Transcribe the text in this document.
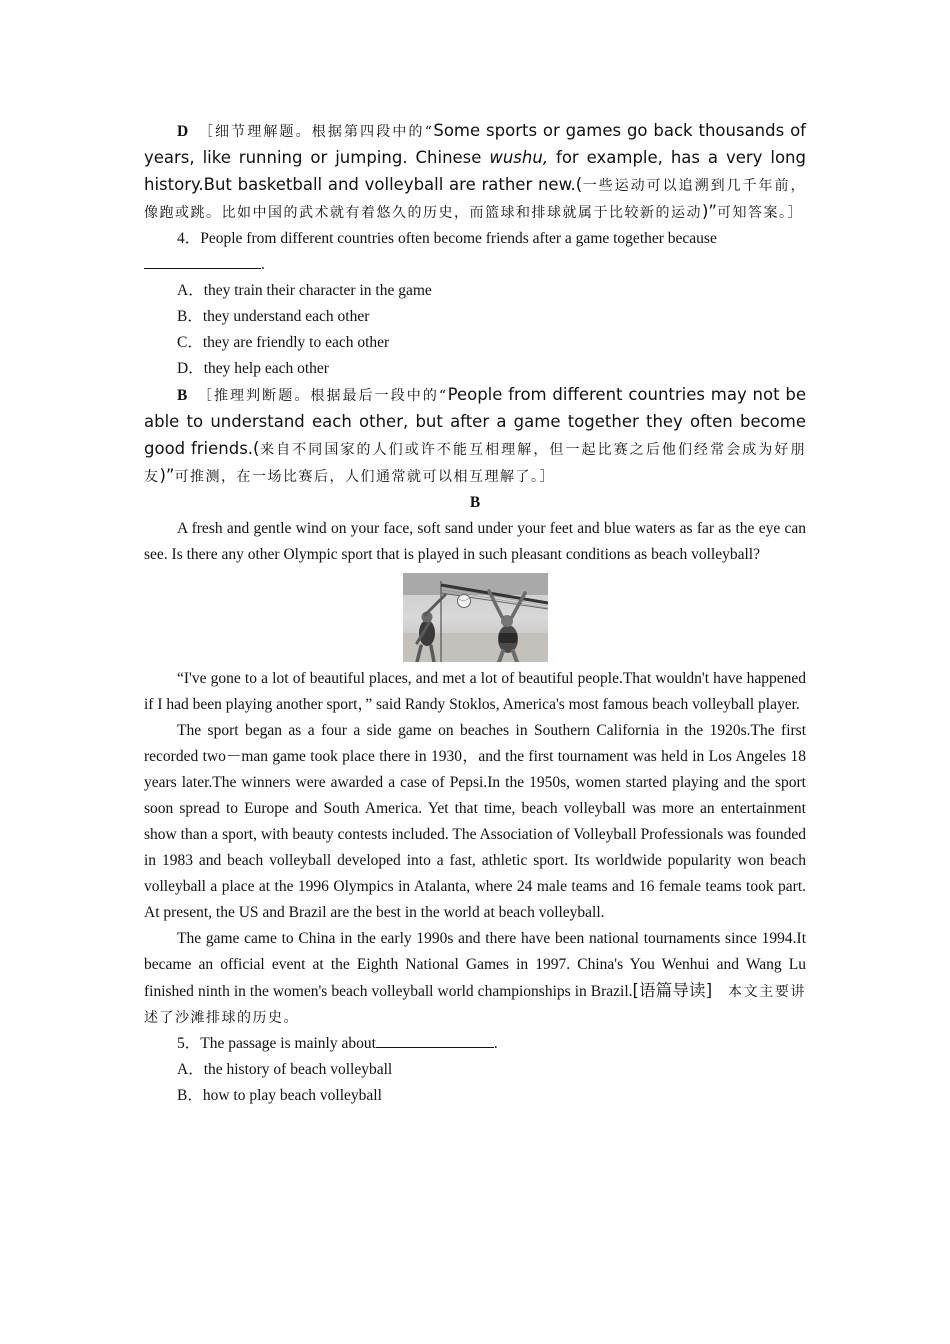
D ［细节理解题。根据第四段中的“Some sports or games go back thousands of years, like running or jumping. Chinese wushu, for example, has a very long history.But basketball and volleyball are rather new.(一些运动可以追溯到几千年前，像跑或跳。比如中国的武术就有着悠久的历史，而篮球和排球就属于比较新的运动)”可知答案。］

4．People from different countries often become friends after a game together because
.

A．they train their character in the game

B．they understand each other

C．they are friendly to each other

D．they help each other

B ［推理判断题。根据最后一段中的“People from different countries may not be able to understand each other, but after a game together they often become good friends.(来自不同国家的人们或许不能互相理解，但一起比赛之后他们经常会成为好朋友)”可推测，在一场比赛后，人们通常就可以相互理解了。］

B

A fresh and gentle wind on your face, soft sand under your feet and blue waters as far as the eye can see. Is there any other Olympic sport that is played in such pleasant conditions as beach volleyball?

“I've gone to a lot of beautiful places, and met a lot of beautiful people.That wouldn't have happened if I had been playing another sport，” said Randy Stoklos, America's most famous beach volleyball player.

The sport began as a four a side game on beaches in Southern California in the 1920s.The first recorded two－man game took place there in 1930，and the first tournament was held in Los Angeles 18 years later.The winners were awarded a case of Pepsi.In the 1950s, women started playing and the sport soon spread to Europe and South America. Yet that time, beach volleyball was more an entertainment show than a sport, with beauty contests included. The Association of Volleyball Professionals was founded in 1983 and beach volleyball developed into a fast, athletic sport. Its worldwide popularity won beach volleyball a place at the 1996 Olympics in Atalanta, where 24 male teams and 16 female teams took part. At present, the US and Brazil are the best in the world at beach volleyball.

The game came to China in the early 1990s and there have been national tournaments since 1994.It became an official event at the Eighth National Games in 1997. China's You Wenhui and Wang Lu finished ninth in the women's beach volleyball world championships in Brazil.[语篇导读]　 本文主要讲述了沙滩排球的历史。

5．The passage is mainly about	.

A．the history of beach volleyball

B．how to play beach volleyball
